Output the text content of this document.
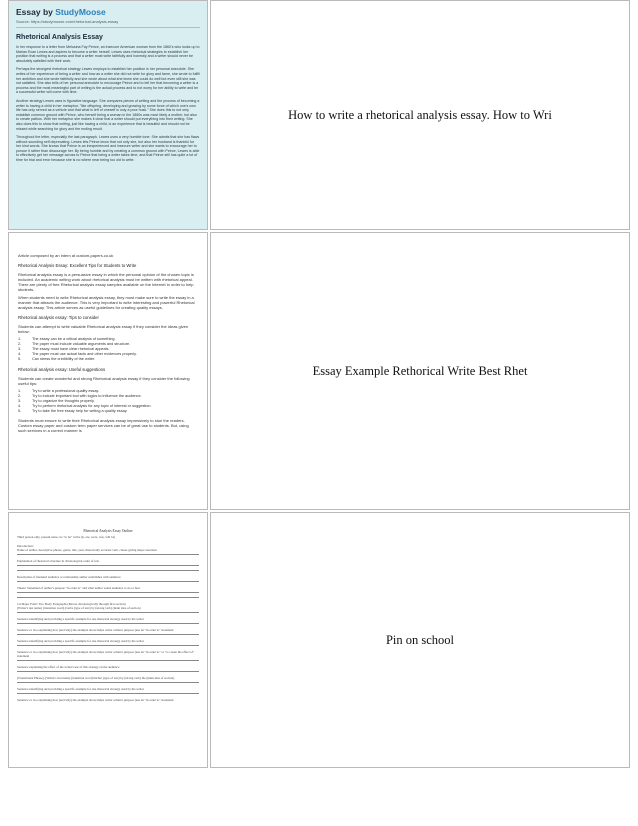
Essay by StudyMoose
Source: https://studymoose.com/rhetorical-analysis-essay
Rhetorical Analysis Essay
In her response to a letter from Melusina Fay Peirce, an insecure American woman from the 1860's who looks up to Marian Evan Lewes and aspires to become a writer herself, Lewes uses rhetorical strategies to establish her position that writing is a process and that a writer must write faithfully and honestly and a writer should never be absolutely satisfied with their work.
Perhaps the strongest rhetorical strategy Lewes employs to establish her position is her personal anecdote. She writes of her experience of being a writer and how as a writer she did not write for glory and fame, she wrote to fulfill her ambition and she wrote faithfully and she wrote about what she knew she could do well but even still she was not satisfied. She also tells of her personal anecdote to encourage Peirce and to tell her that becoming a writer is a process and the most meaningful part of writing is the actual process and to not worry for her ability to write and be a successful writer will come with time.
Another strategy Lewes uses is figurative language. She compares pieces of writing and the process of becoming a writer to having a child in her metaphor, "like offspring, developing and growing by some force of which one's own life has only served as a vehicle and that what is left of oneself is only a poor husk." She does this to not only establish common ground with Peirce, who herself being a woman in the 1860s was most likely a mother, but also to create pathos. With her metaphor she makes it clear that a writer should put everything into their writing. She also does this to show that writing, just like having a child, is an experience that is beautiful and should not be missed while searching for glory and the ending result.
Throughout the letter, especially the last paragraph, Lewes uses a very humble tone. She admits that she has flaws without sounding self deprecating. Lewes lets Peirce know that not only she, but also her husband is thankful for her kind words. She knows that Peirce is an inexperienced and insecure writer and she wants to encourage her to pursue it rather than discourage her. By being humble and by creating a common ground with Peirce, Lewes is able to effectively get her message across to Peirce that being a writer takes time, and that Peirce still has quite a lot of time for trial and error because she is no where near being too old to write.
How to write a rhetorical analysis essay. How to Wri
Article composed by an intern at custom-papers.co.uk
Rhetorical Analysis Essay: Excellent Tips for Students to Write
Rhetorical analysis essay is a persuasive essay in which the personal opinion of the chosen topic is included. An academic writing work about rhetorical analysis must be written with rhetorical appeal. There are plenty of free Rhetorical analysis essay samples available on the Internet in order to help students.
When students need to write Rhetorical analysis essay, they must make sure to write the essay in a manner that attracts the audience. This is very important to write interesting and powerful Rhetorical analysis essay. This article serves as useful guidelines for creating quality essays.
Rhetorical analysis essay: Tips to consider
Students can attempt to write valuable Rhetorical analysis essay if they consider the ideas given below:
1.	The essay can be a critical analysis of something.
2.	The paper must include valuable arguments and structure.
3.	The essay must have clear rhetorical appeals.
4.	The paper must use actual facts and other evidences properly.
5.	Can stress the credibility of the writer.
Rhetorical analysis essay: Useful suggestions
Students can create wonderful and strong Rhetorical analysis essay if they consider the following useful tips:
1.	Try to write a professional quality essay.
2.	Try to include important tool with logics to influence the audience.
3.	Try to organize the thoughts properly.
4.	Try to perform rhetorical analysis for any topic of interest or suggestion.
5.	Try to take the free essay help for writing a quality essay.
Students must ensure to write their Rhetorical analysis essay impressively to stun the readers. Custom essay paper and custom term paper services can be of great use to students. But, using such services in a correct manner is
Essay Example Rethorical Write Best Rhet
Rhetorical Analysis Essay Outline
Third person only, present tense, no "to be" verbs (is, are, were, was, will be)
Introduction:
Name of author, descriptive phrase, genre, title, year, rhetorically accurate verb, clause giving major assertion
Explanation of rhetorical structure in chronological order of text
Description of intended audience or relationship author establishes with audience
Thesis: Statement of author's purpose "in order to" and what author wants audience to do or feel.
1st Major Point: Two Body Paragraphs (Moves chronologically through first section)
(Writer's last name) (transition word) (verbs (type of text) by (strong verb) (main idea of section)
Sentence identifying and providing a specific example for one rhetorical strategy used by the writer
Sentence or two explaining how (and why) the example above helps writer achieve purpose (use an "in order to" statement
Sentence identifying and providing a specific example for one rhetorical strategy used by the writer
Sentence or two explaining how (and why) the example above helps writer achieve purpose (use an "in order to" or "to create the effect of" statement
Sentence explaining the effect of the writer's use of this strategy on the audience
(Transitional Phrase), (Writer's last name) (transition word) his/her (type of text) by (strong verb) the (main idea of section)
Sentence identifying and providing a specific example for one rhetorical strategy used by the writer
Sentence or two explaining how (and why) the example above helps writer achieve purpose (use an "in order to" statement
Pin on school
